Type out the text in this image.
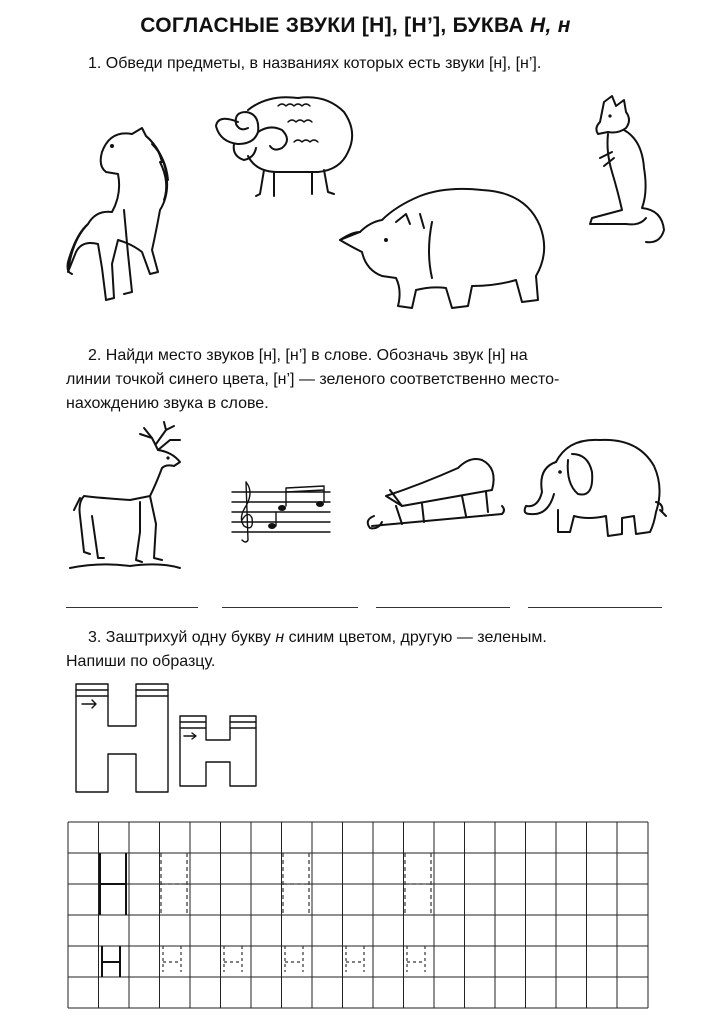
СОГЛАСНЫЕ ЗВУКИ [Н], [Н’], БУКВА Н, н
1. Обведи предметы, в названиях которых есть звуки [н], [н’].
2. Найди место звуков [н], [н’] в слове. Обозначь звук [н] на
линии точкой синего цвета, [н’] — зеленого соответственно место-
нахождению звука в слове.
3. Заштрихуй одну букву н синим цветом, другую — зеленым.
Напиши по образцу.
